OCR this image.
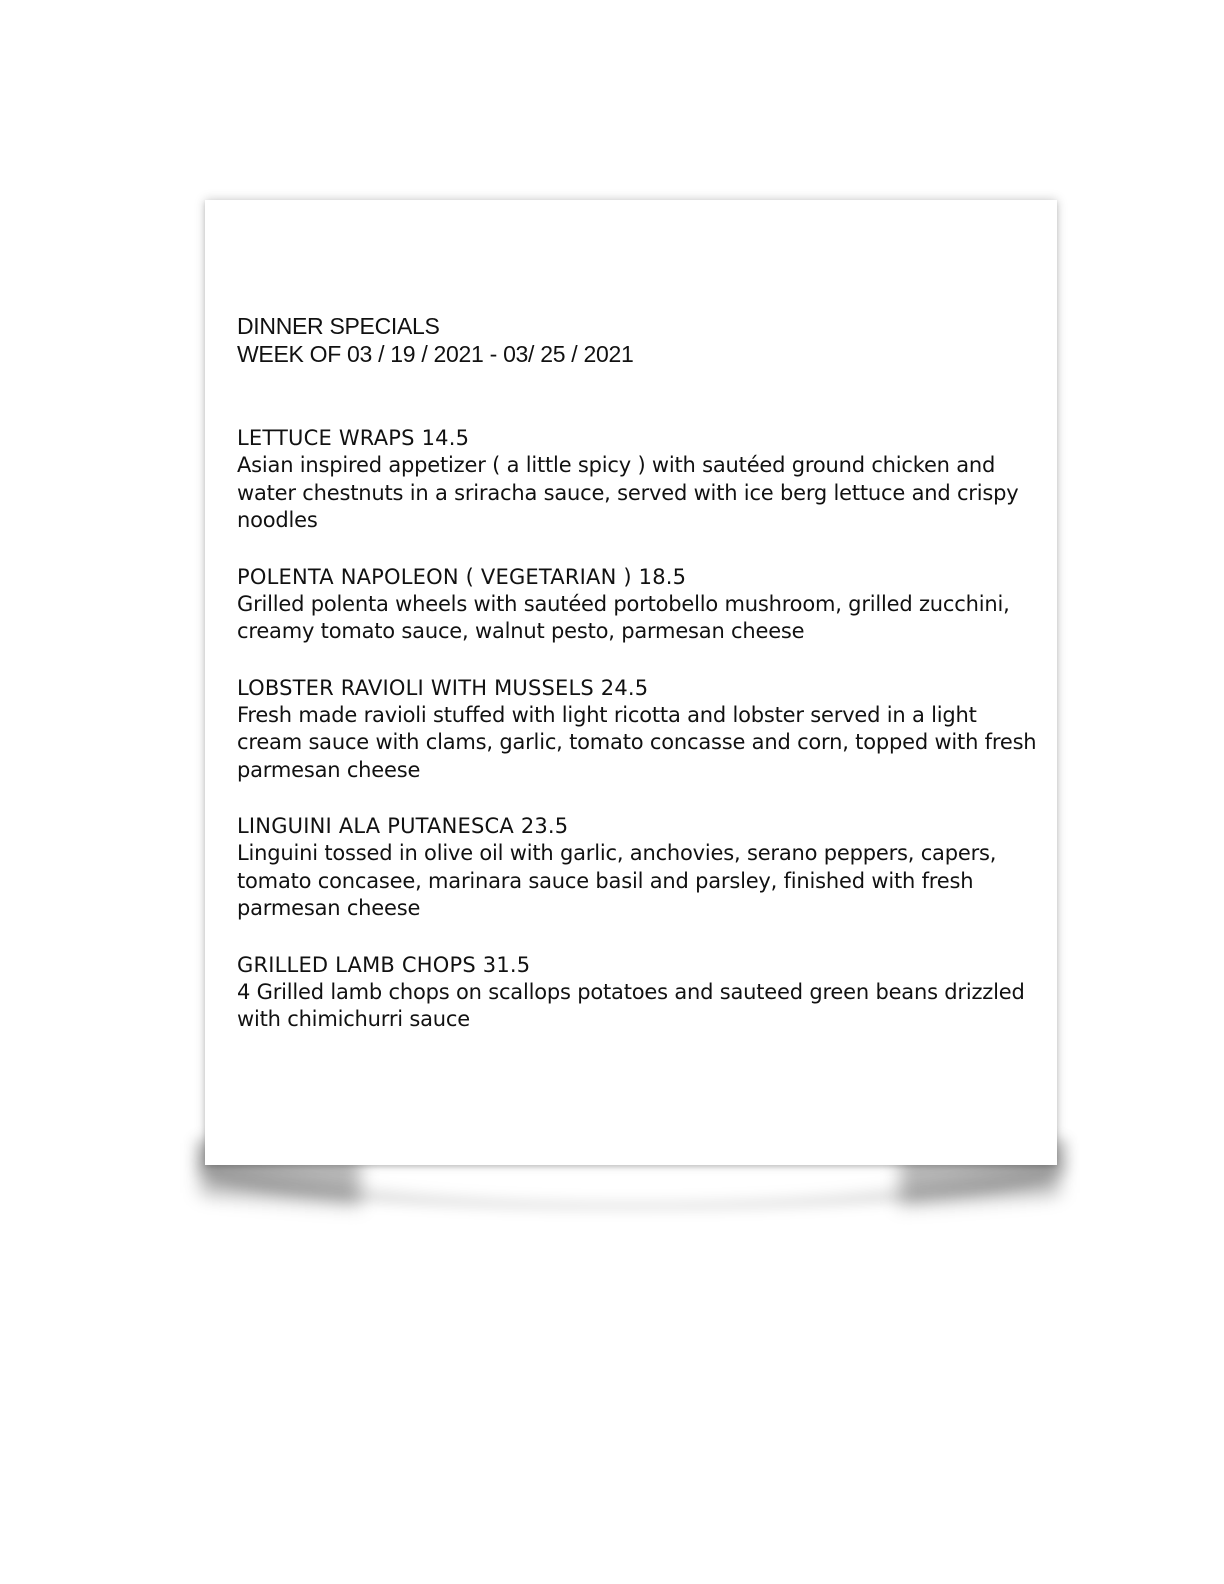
DINNER SPECIALS
WEEK OF 03 / 19 / 2021 - 03/ 25 / 2021
LETTUCE WRAPS 14.5
Asian inspired appetizer ( a little spicy ) with sautéed ground chicken and water chestnuts in a sriracha sauce, served with ice berg lettuce and crispy noodles
POLENTA NAPOLEON ( VEGETARIAN ) 18.5
Grilled polenta wheels with sautéed portobello mushroom, grilled zucchini, creamy tomato sauce, walnut pesto, parmesan cheese
LOBSTER RAVIOLI WITH MUSSELS 24.5
Fresh made ravioli stuffed with light ricotta and lobster served in a light cream sauce with clams, garlic, tomato concasse and corn, topped with fresh parmesan cheese
LINGUINI ALA PUTANESCA 23.5
Linguini tossed in olive oil with garlic, anchovies, serano peppers, capers, tomato concasee, marinara sauce basil and parsley, finished with fresh parmesan cheese
GRILLED LAMB CHOPS 31.5
4 Grilled lamb chops on scallops potatoes and sauteed green beans drizzled with chimichurri sauce
